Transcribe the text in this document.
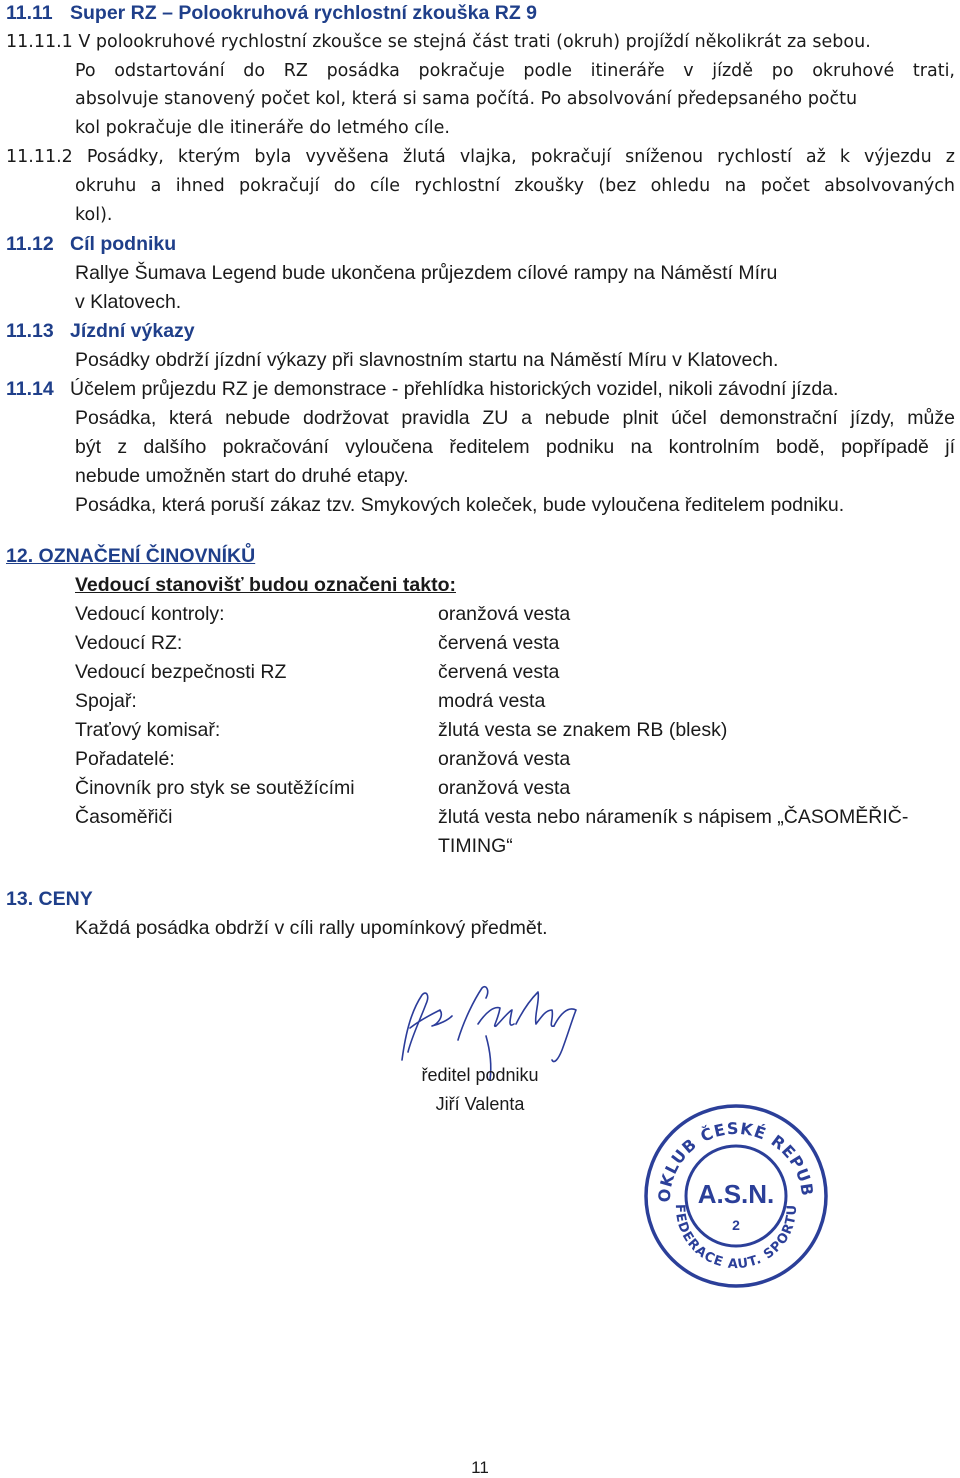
11.11 Super RZ – Polookruhová rychlostní zkouška RZ 9
11.11.1 V polookruhové rychlostní zkoušce se stejná část trati (okruh) projíždí několikrát za sebou.
Po odstartování do RZ posádka pokračuje podle itineráře v jízdě po okruhové trati,
absolvuje stanovený počet kol, která si sama počítá. Po absolvování předepsaného počtu
kol pokračuje dle itineráře do letmého cíle.
11.11.2 Posádky, kterým byla vyvěšena žlutá vlajka, pokračují sníženou rychlostí až k výjezdu z
okruhu a ihned pokračují do cíle rychlostní zkoušky (bez ohledu na počet absolvovaných
kol).
11.12 Cíl podniku
Rallye Šumava Legend bude ukončena průjezdem cílové rampy na Náměstí Míru
v Klatovech.
11.13 Jízdní výkazy
Posádky obdrží jízdní výkazy při slavnostním startu na Náměstí Míru v Klatovech.
11.14 Účelem průjezdu RZ je demonstrace - přehlídka historických vozidel, nikoli závodní jízda.
Posádka, která nebude dodržovat pravidla ZU a nebude plnit účel demonstrační jízdy, může
být z dalšího pokračování vyloučena ředitelem podniku na kontrolním bodě, popřípadě jí
nebude umožněn start do druhé etapy.
Posádka, která poruší zákaz tzv. Smykových koleček, bude vyloučena ředitelem podniku.
12. OZNAČENÍ ČINOVNÍKŮ
Vedoucí stanovišť budou označeni takto:
Vedoucí kontroly:	oranžová vesta
Vedoucí RZ:	červená vesta
Vedoucí bezpečnosti RZ	červená vesta
Spojař:	modrá vesta
Traťový komisař:	žlutá vesta se znakem RB (blesk)
Pořadatelé:	oranžová vesta
Činovník pro styk se soutěžícími	oranžová vesta
Časoměřiči	žlutá vesta nebo nárameník s nápisem „ČASOMĚŘIČ-
TIMING“
13. CENY
Každá posádka obdrží v cíli rally upomínkový předmět.
ředitel podniku
Jiří Valenta
OKLUB ČESKÉ REPUB
FEDERACE AUT. SPORTU
A.S.N.
2
11
